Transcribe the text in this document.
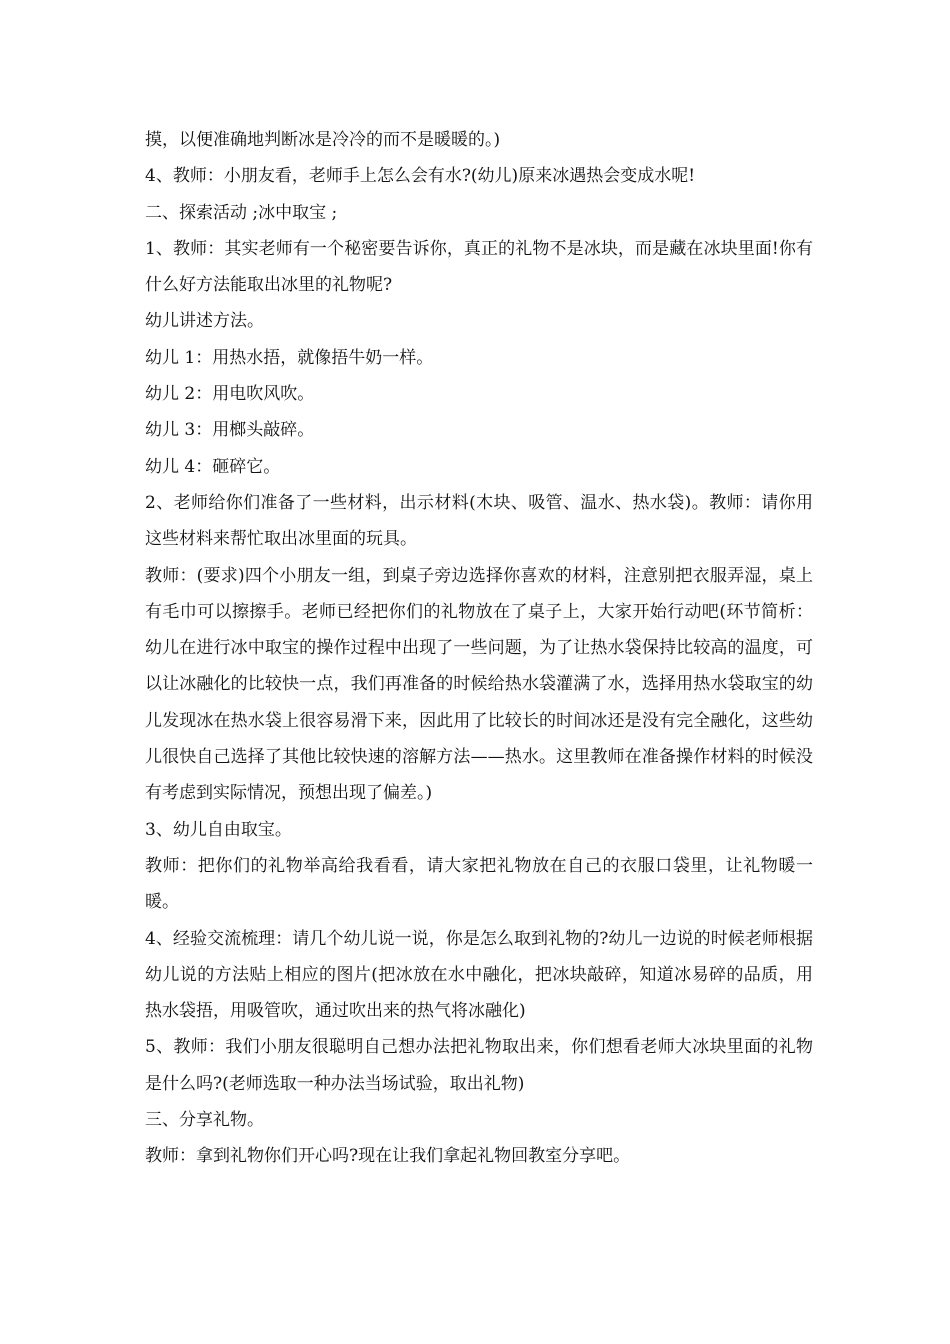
摸，以便准确地判断冰是冷冷的而不是暖暖的。)

4、教师：小朋友看，老师手上怎么会有水?(幼儿)原来冰遇热会变成水呢!

二、探索活动 ;冰中取宝 ;

1、教师：其实老师有一个秘密要告诉你，真正的礼物不是冰块，而是藏在冰块里面!你有什么好方法能取出冰里的礼物呢?

幼儿讲述方法。

幼儿 1：用热水捂，就像捂牛奶一样。

幼儿 2：用电吹风吹。

幼儿 3：用榔头敲碎。

幼儿 4：砸碎它。

2、老师给你们准备了一些材料，出示材料(木块、吸管、温水、热水袋)。教师：请你用这些材料来帮忙取出冰里面的玩具。

教师：(要求)四个小朋友一组，到桌子旁边选择你喜欢的材料，注意别把衣服弄湿，桌上有毛巾可以擦擦手。老师已经把你们的礼物放在了桌子上，大家开始行动吧(环节简析：幼儿在进行冰中取宝的操作过程中出现了一些问题，为了让热水袋保持比较高的温度，可以让冰融化的比较快一点，我们再准备的时候给热水袋灌满了水，选择用热水袋取宝的幼儿发现冰在热水袋上很容易滑下来，因此用了比较长的时间冰还是没有完全融化，这些幼儿很快自己选择了其他比较快速的溶解方法——热水。这里教师在准备操作材料的时候没有考虑到实际情况，预想出现了偏差。)

3、幼儿自由取宝。

教师：把你们的礼物举高给我看看，请大家把礼物放在自己的衣服口袋里，让礼物暖一暖。

4、经验交流梳理：请几个幼儿说一说，你是怎么取到礼物的?幼儿一边说的时候老师根据幼儿说的方法贴上相应的图片(把冰放在水中融化，把冰块敲碎，知道冰易碎的品质，用热水袋捂，用吸管吹，通过吹出来的热气将冰融化)

5、教师：我们小朋友很聪明自己想办法把礼物取出来，你们想看老师大冰块里面的礼物是什么吗?(老师选取一种办法当场试验，取出礼物)

三、分享礼物。

教师：拿到礼物你们开心吗?现在让我们拿起礼物回教室分享吧。
